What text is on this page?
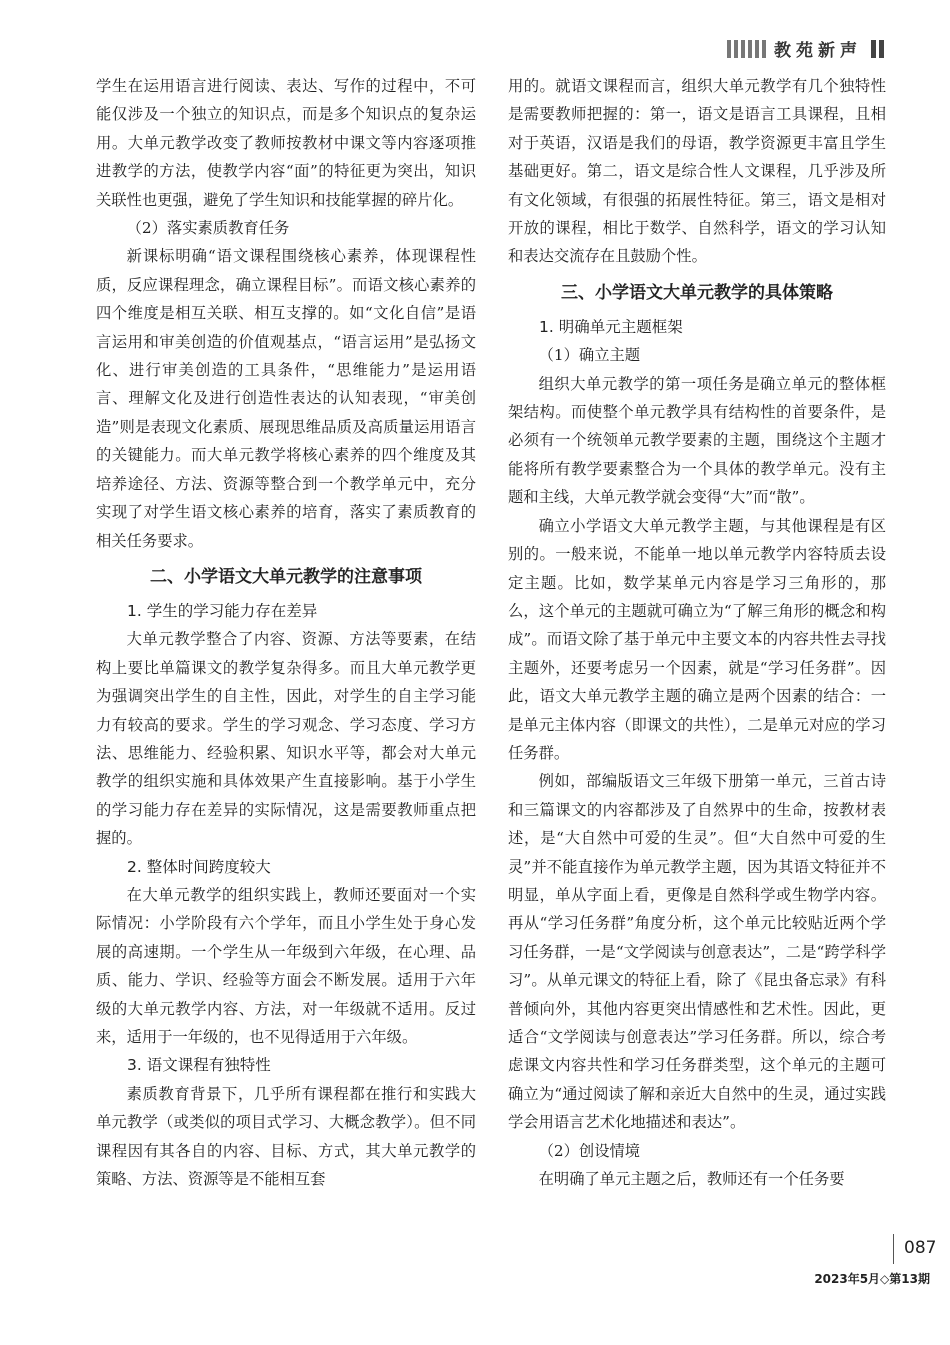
教苑新声

学生在运用语言进行阅读、表达、写作的过程中，不可能仅涉及一个独立的知识点，而是多个知识点的复杂运用。大单元教学改变了教师按教材中课文等内容逐项推进教学的方法，使教学内容“面”的特征更为突出，知识关联性也更强，避免了学生知识和技能掌握的碎片化。

（2）落实素质教育任务

新课标明确“语文课程围绕核心素养，体现课程性质，反应课程理念，确立课程目标”。而语文核心素养的四个维度是相互关联、相互支撑的。如“文化自信”是语言运用和审美创造的价值观基点，“语言运用”是弘扬文化、进行审美创造的工具条件，“思维能力”是运用语言、理解文化及进行创造性表达的认知表现，“审美创造”则是表现文化素质、展现思维品质及高质量运用语言的关键能力。而大单元教学将核心素养的四个维度及其培养途径、方法、资源等整合到一个教学单元中，充分实现了对学生语文核心素养的培育，落实了素质教育的相关任务要求。

二、小学语文大单元教学的注意事项

1. 学生的学习能力存在差异

大单元教学整合了内容、资源、方法等要素，在结构上要比单篇课文的教学复杂得多。而且大单元教学更为强调突出学生的自主性，因此，对学生的自主学习能力有较高的要求。学生的学习观念、学习态度、学习方法、思维能力、经验积累、知识水平等，都会对大单元教学的组织实施和具体效果产生直接影响。基于小学生的学习能力存在差异的实际情况，这是需要教师重点把握的。

2. 整体时间跨度较大

在大单元教学的组织实践上，教师还要面对一个实际情况：小学阶段有六个学年，而且小学生处于身心发展的高速期。一个学生从一年级到六年级，在心理、品质、能力、学识、经验等方面会不断发展。适用于六年级的大单元教学内容、方法，对一年级就不适用。反过来，适用于一年级的，也不见得适用于六年级。

3. 语文课程有独特性

素质教育背景下，几乎所有课程都在推行和实践大单元教学（或类似的项目式学习、大概念教学）。但不同课程因有其各自的内容、目标、方式，其大单元教学的策略、方法、资源等是不能相互套

用的。就语文课程而言，组织大单元教学有几个独特性是需要教师把握的：第一，语文是语言工具课程，且相对于英语，汉语是我们的母语，教学资源更丰富且学生基础更好。第二，语文是综合性人文课程，几乎涉及所有文化领域，有很强的拓展性特征。第三，语文是相对开放的课程，相比于数学、自然科学，语文的学习认知和表达交流存在且鼓励个性。

三、小学语文大单元教学的具体策略

1. 明确单元主题框架

（1）确立主题

组织大单元教学的第一项任务是确立单元的整体框架结构。而使整个单元教学具有结构性的首要条件，是必须有一个统领单元教学要素的主题，围绕这个主题才能将所有教学要素整合为一个具体的教学单元。没有主题和主线，大单元教学就会变得“大”而“散”。

确立小学语文大单元教学主题，与其他课程是有区别的。一般来说，不能单一地以单元教学内容特质去设定主题。比如，数学某单元内容是学习三角形的，那么，这个单元的主题就可确立为“了解三角形的概念和构成”。而语文除了基于单元中主要文本的内容共性去寻找主题外，还要考虑另一个因素，就是“学习任务群”。因此，语文大单元教学主题的确立是两个因素的结合：一是单元主体内容（即课文的共性），二是单元对应的学习任务群。

例如，部编版语文三年级下册第一单元，三首古诗和三篇课文的内容都涉及了自然界中的生命，按教材表述，是“大自然中可爱的生灵”。但“大自然中可爱的生灵”并不能直接作为单元教学主题，因为其语文特征并不明显，单从字面上看，更像是自然科学或生物学内容。再从“学习任务群”角度分析，这个单元比较贴近两个学习任务群，一是“文学阅读与创意表达”，二是“跨学科学习”。从单元课文的特征上看，除了《昆虫备忘录》有科普倾向外，其他内容更突出情感性和艺术性。因此，更适合“文学阅读与创意表达”学习任务群。所以，综合考虑课文内容共性和学习任务群类型，这个单元的主题可确立为“通过阅读了解和亲近大自然中的生灵，通过实践学会用语言艺术化地描述和表达”。

（2）创设情境

在明确了单元主题之后，教师还有一个任务要

087
2023年5月◇第13期
